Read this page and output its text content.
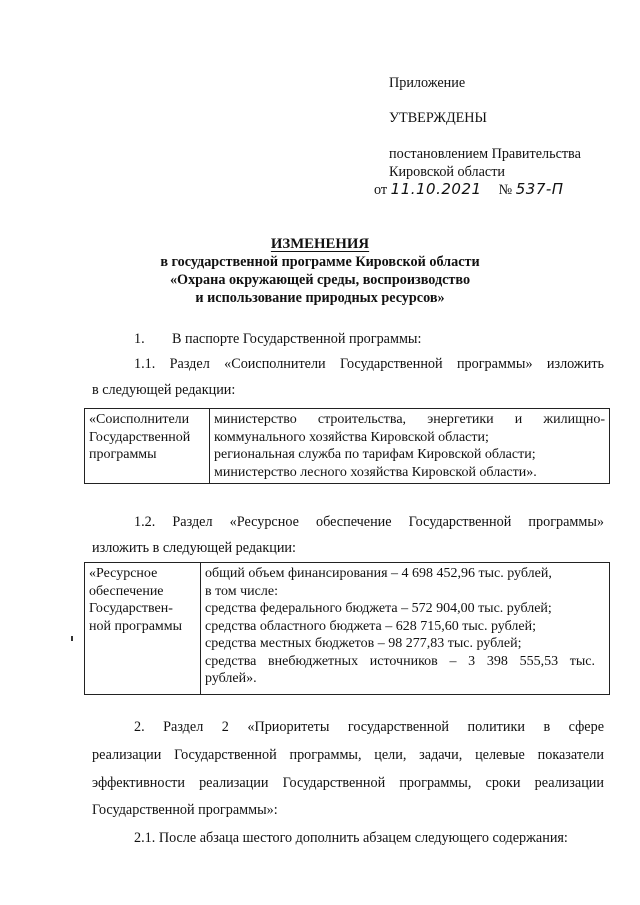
Приложение
УТВЕРЖДЕНЫ
постановлением Правительства
Кировской области
от 11.10.2021 № 537-П
ИЗМЕНЕНИЯ
в государственной программе Кировской области
«Охрана окружающей среды, воспроизводство
и использование природных ресурсов»
1. В паспорте Государственной программы:
1.1. Раздел «Соисполнители Государственной программы» изложить
в следующей редакции:
«Соисполнители
Государственной
программы

министерство строительства, энергетики и жилищно-
коммунального хозяйства Кировской области;
региональная служба по тарифам Кировской области;
министерство лесного хозяйства Кировской области».
1.2. Раздел «Ресурсное обеспечение Государственной программы»
изложить в следующей редакции:
«Ресурсное
обеспечение
Государствен-
ной программы

общий объем финансирования – 4 698 452,96 тыс. рублей,
в том числе:
средства федерального бюджета – 572 904,00 тыс. рублей;
средства областного бюджета – 628 715,60 тыс. рублей;
средства местных бюджетов – 98 277,83 тыс. рублей;
средства внебюджетных источников – 3 398 555,53 тыс.
рублей».
2. Раздел 2 «Приоритеты государственной политики в сфере
реализации Государственной программы, цели, задачи, целевые показатели
эффективности реализации Государственной программы, сроки реализации
Государственной программы»:
2.1. После абзаца шестого дополнить абзацем следующего содержания:
